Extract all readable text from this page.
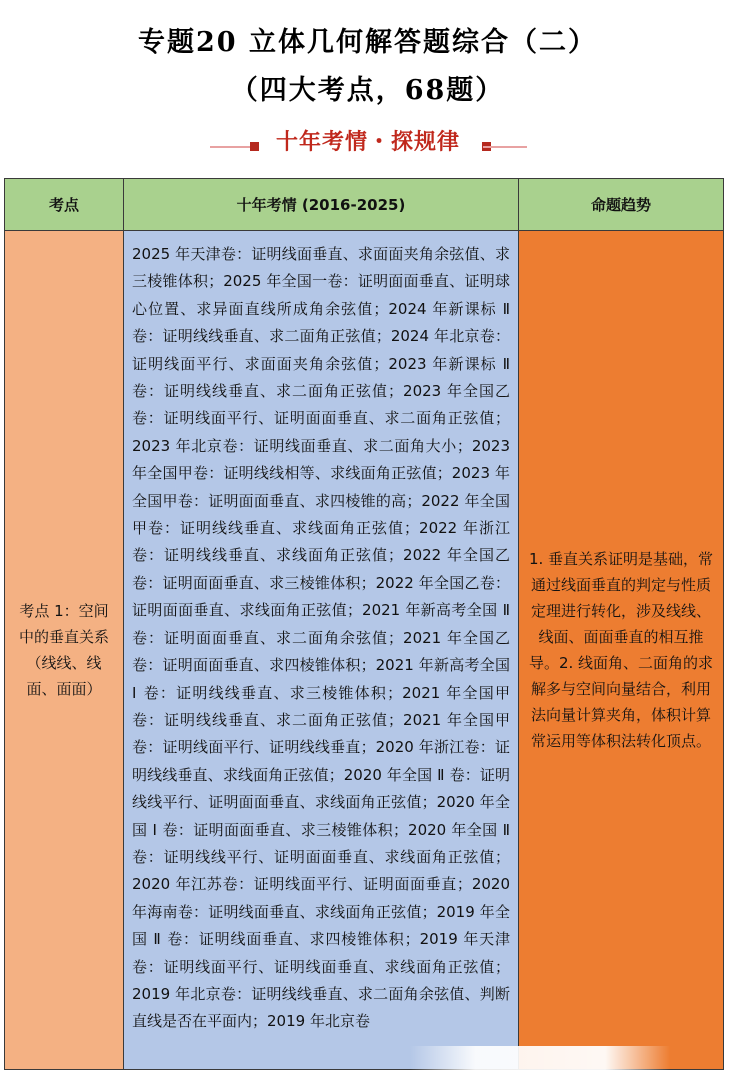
专题20 立体几何解答题综合（二）
（四大考点，68题）
十年考情・探规律
考点	十年考情 (2016-2025)	命题趋势
考点 1：空间中的垂直关系（线线、线面、面面）	2025 年天津卷：证明线面垂直、求面面夹角余弦值、求三棱锥体积；2025 年全国一卷：证明面面垂直、证明球心位置、求异面直线所成角余弦值；2024 年新课标 Ⅱ 卷：证明线线垂直、求二面角正弦值；2024 年北京卷：证明线面平行、求面面夹角余弦值；2023 年新课标 Ⅱ 卷：证明线线垂直、求二面角正弦值；2023 年全国乙卷：证明线面平行、证明面面垂直、求二面角正弦值；2023 年北京卷：证明线面垂直、求二面角大小；2023 年全国甲卷：证明线线相等、求线面角正弦值；2023 年全国甲卷：证明面面垂直、求四棱锥的高；2022 年全国甲卷：证明线线垂直、求线面角正弦值；2022 年浙江卷：证明线线垂直、求线面角正弦值；2022 年全国乙卷：证明面面垂直、求三棱锥体积；2022 年全国乙卷：证明面面垂直、求线面角正弦值；2021 年新高考全国 Ⅱ 卷：证明面面垂直、求二面角余弦值；2021 年全国乙卷：证明面面垂直、求四棱锥体积；2021 年新高考全国 Ⅰ 卷：证明线线垂直、求三棱锥体积；2021 年全国甲卷：证明线线垂直、求二面角正弦值；2021 年全国甲卷：证明线面平行、证明线线垂直；2020 年浙江卷：证明线线垂直、求线面角正弦值；2020 年全国 Ⅱ 卷：证明线线平行、证明面面垂直、求线面角正弦值；2020 年全国 Ⅰ 卷：证明面面垂直、求三棱锥体积；2020 年全国 Ⅱ 卷：证明线线平行、证明面面垂直、求线面角正弦值；2020 年江苏卷：证明线面平行、证明面面垂直；2020 年海南卷：证明线面垂直、求线面角正弦值；2019 年全国 Ⅱ 卷：证明线面垂直、求四棱锥体积；2019 年天津卷：证明线面平行、证明线面垂直、求线面角正弦值；2019 年北京卷：证明线线垂直、求二面角余弦值、判断直线是否在平面内；2019 年北京卷	1. 垂直关系证明是基础，常通过线面垂直的判定与性质定理进行转化，涉及线线、线面、面面垂直的相互推导。2. 线面角、二面角的求解多与空间向量结合，利用法向量计算夹角，体积计算常运用等体积法转化顶点。
